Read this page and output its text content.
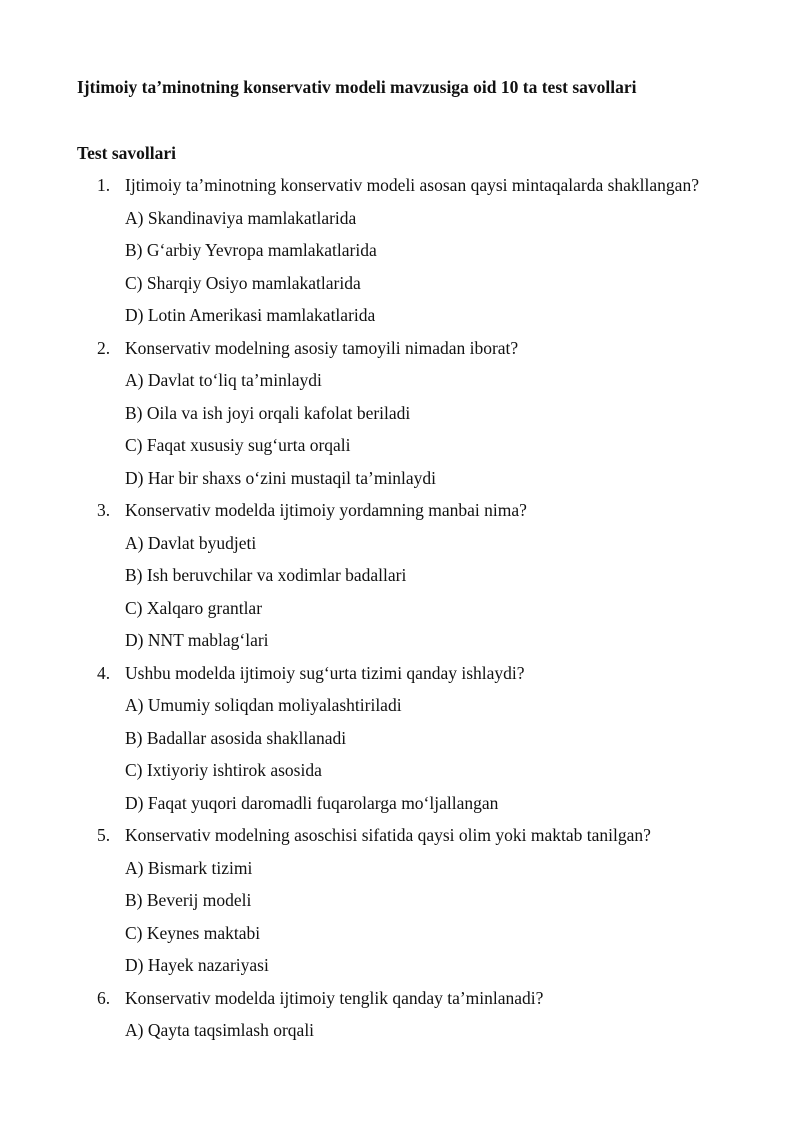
Ijtimoiy ta’minotning konservativ modeli mavzusiga oid 10 ta test savollari

Test savollari

1. Ijtimoiy ta’minotning konservativ modeli asosan qaysi mintaqalarda shakllangan?
A) Skandinaviya mamlakatlarida
B) G‘arbiy Yevropa mamlakatlarida
C) Sharqiy Osiyo mamlakatlarida
D) Lotin Amerikasi mamlakatlarida
2. Konservativ modelning asosiy tamoyili nimadan iborat?
A) Davlat to‘liq ta’minlaydi
B) Oila va ish joyi orqali kafolat beriladi
C) Faqat xususiy sug‘urta orqali
D) Har bir shaxs o‘zini mustaqil ta’minlaydi
3. Konservativ modelda ijtimoiy yordamning manbai nima?
A) Davlat byudjeti
B) Ish beruvchilar va xodimlar badallari
C) Xalqaro grantlar
D) NNT mablag‘lari
4. Ushbu modelda ijtimoiy sug‘urta tizimi qanday ishlaydi?
A) Umumiy soliqdan moliyalashtiriladi
B) Badallar asosida shakllanadi
C) Ixtiyoriy ishtirok asosida
D) Faqat yuqori daromadli fuqarolarga mo‘ljallangan
5. Konservativ modelning asoschisi sifatida qaysi olim yoki maktab tanilgan?
A) Bismark tizimi
B) Beverij modeli
C) Keynes maktabi
D) Hayek nazariyasi
6. Konservativ modelda ijtimoiy tenglik qanday ta’minlanadi?
A) Qayta taqsimlash orqali
